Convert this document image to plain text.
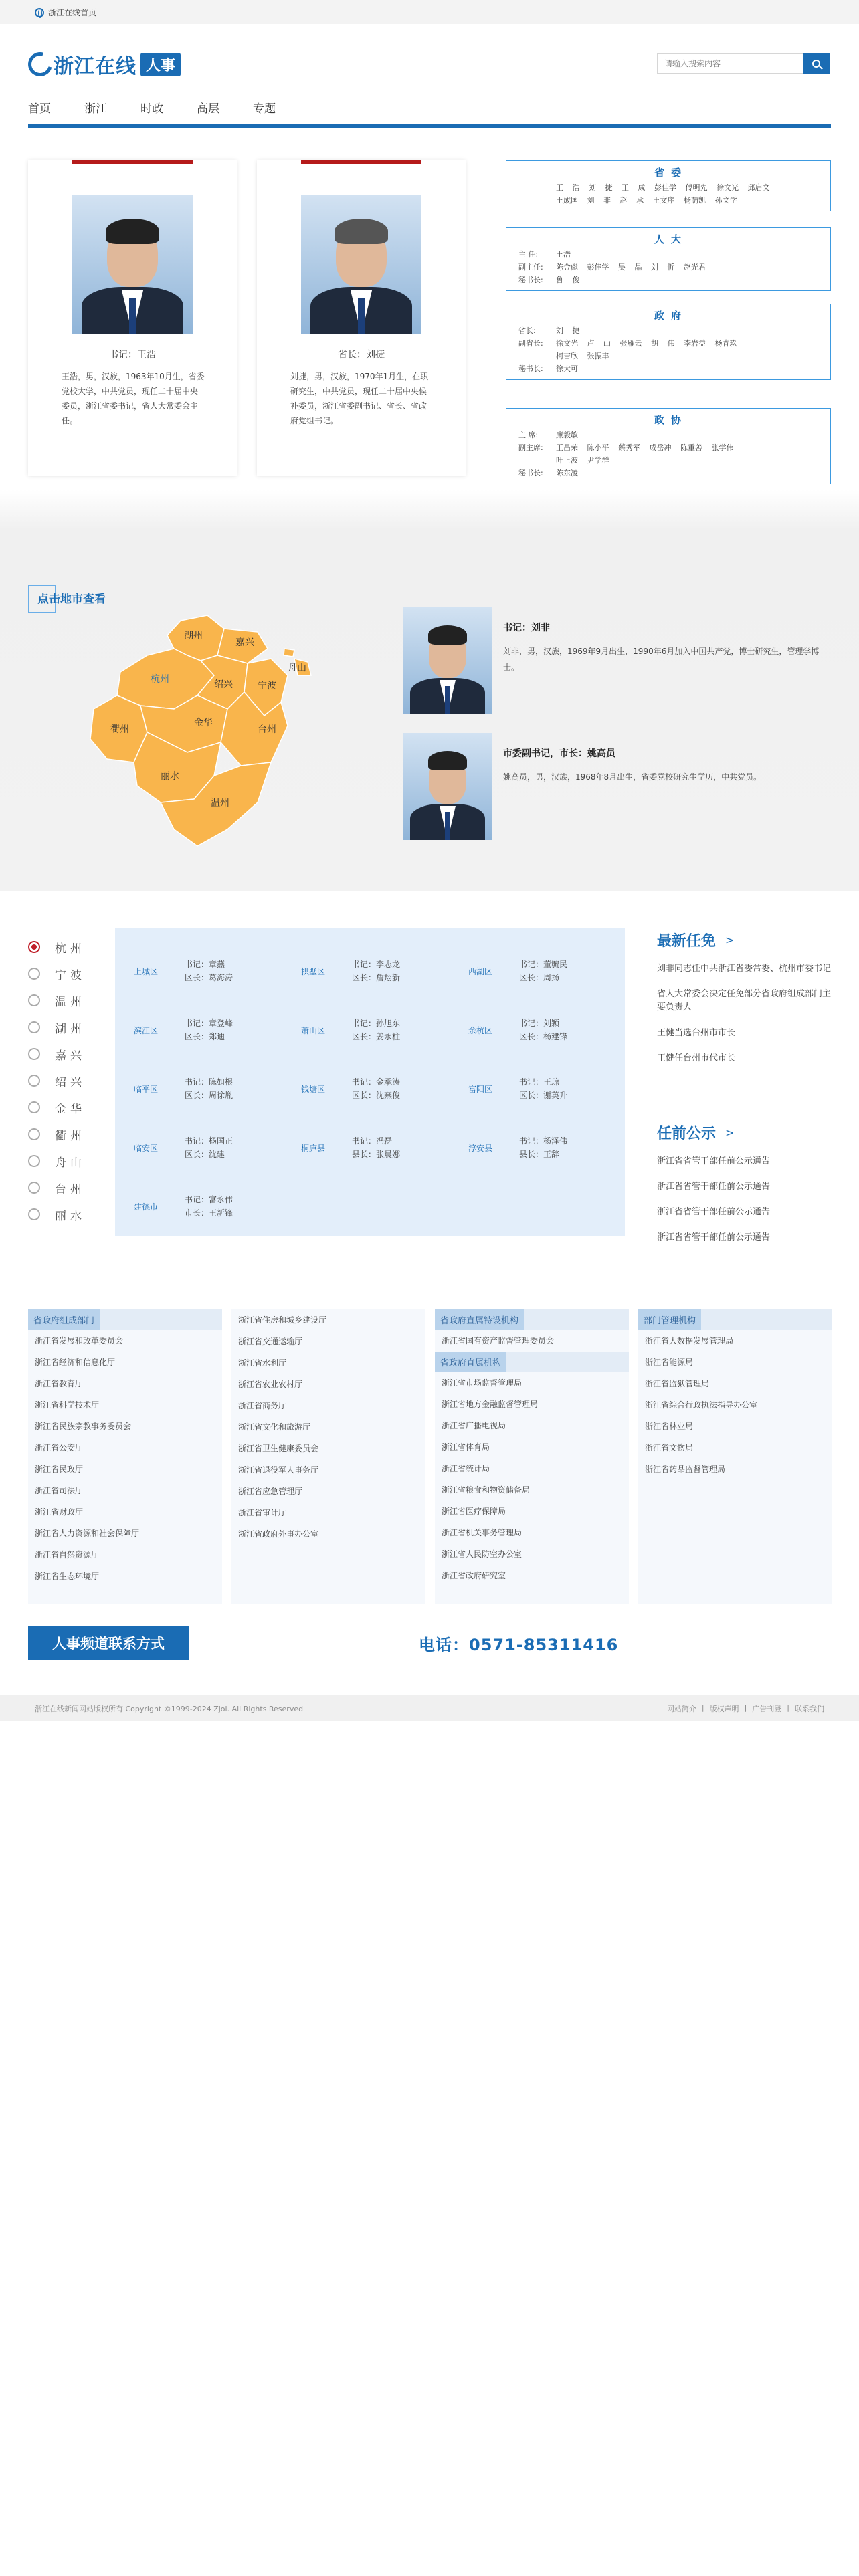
浙江在线首页
浙江在线 人事
请输入搜索内容
首页	浙江	时政	高层	专题
书记：王浩
王浩，男，汉族，1963年10月生，省委党校大学，中共党员，现任二十届中央委员，浙江省委书记，省人大常委会主任。
省长：刘捷
刘捷，男，汉族，1970年1月生，在职研究生，中共党员，现任二十届中央候补委员，浙江省委副书记、省长、省政府党组书记。
省委
王 浩 刘 捷 王 成 彭佳学 傅明先 徐文光 邱启文
王成国 刘 非 赵 承 王文序 杨荫凯 孙文学
人大
主 任:	王浩
副主任:	陈金彪 彭佳学 吴 晶 刘 忻 赵光君
秘书长:	鲁 俊
政府
省长:	刘 捷
副省长:	徐文光 卢 山 张雁云 胡 伟 李岩益 杨青玖
柯吉欣 张振丰
秘书长:	徐大可
政协
主 席:	廉毅敏
副主席:	王昌荣 陈小平 蔡秀军 成岳冲 陈重善 张学伟
叶正波 尹学群
秘书长:	陈东凌
点击地市查看
湖州
嘉兴
杭州	绍兴
舟山
宁波
衢州
金华
台州
丽水
温州
书记：刘非
刘非，男，汉族，1969年9月出生，1990年6月加入中国共产党，博士研究生，管理学博士。
市委副书记，市长：姚高员
姚高员，男，汉族，1968年8月出生，省委党校研究生学历，中共党员。
杭州
宁波
温州
湖州
嘉兴
绍兴
金华
衢州
舟山
台州
丽水
上城区
书记：章燕
区长：葛海涛
拱墅区
书记：李志龙
区长：詹翔新
西湖区
书记：董毓民
区长：周扬
滨江区
书记：章登峰
区长：郑迪
萧山区
书记：孙旭东
区长：姜永柱
余杭区
书记：刘颖
区长：杨建锋
临平区
书记：陈如根
区长：周徐胤
钱塘区
书记：金承涛
区长：沈燕俊
富阳区
书记：王琼
区长：谢英升
临安区
书记：杨国正
区长：沈建
桐庐县
书记：冯磊
县长：张晨娜
淳安县
书记：杨泽伟
县长：王辞
建德市
书记：富永伟
市长：王新锋
最新任免 >
刘非同志任中共浙江省委常委、杭州市委书记
省人大常委会决定任免部分省政府组成部门主要负责人
王健当选台州市市长
王健任台州市代市长
任前公示 >
浙江省省管干部任前公示通告
浙江省省管干部任前公示通告
浙江省省管干部任前公示通告
浙江省省管干部任前公示通告
省政府组成部门
浙江省发展和改革委员会
浙江省经济和信息化厅
浙江省教育厅
浙江省科学技术厅
浙江省民族宗教事务委员会
浙江省公安厅
浙江省民政厅
浙江省司法厅
浙江省财政厅
浙江省人力资源和社会保障厅
浙江省自然资源厅
浙江省生态环境厅
浙江省住房和城乡建设厅
浙江省交通运输厅
浙江省水利厅
浙江省农业农村厅
浙江省商务厅
浙江省文化和旅游厅
浙江省卫生健康委员会
浙江省退役军人事务厅
浙江省应急管理厅
浙江省审计厅
浙江省政府外事办公室
省政府直属特设机构
浙江省国有资产监督管理委员会
省政府直属机构
浙江省市场监督管理局
浙江省地方金融监督管理局
浙江省广播电视局
浙江省体育局
浙江省统计局
浙江省粮食和物资储备局
浙江省医疗保障局
浙江省机关事务管理局
浙江省人民防空办公室
浙江省政府研究室
部门管理机构
浙江省大数据发展管理局
浙江省能源局
浙江省监狱管理局
浙江省综合行政执法指导办公室
浙江省林业局
浙江省文物局
浙江省药品监督管理局
人事频道联系方式	电话：0571-85311416
浙江在线新闻网站版权所有 Copyright ©1999-2024 Zjol. All Rights Reserved	网站简介 | 版权声明 | 广告刊登 | 联系我们
